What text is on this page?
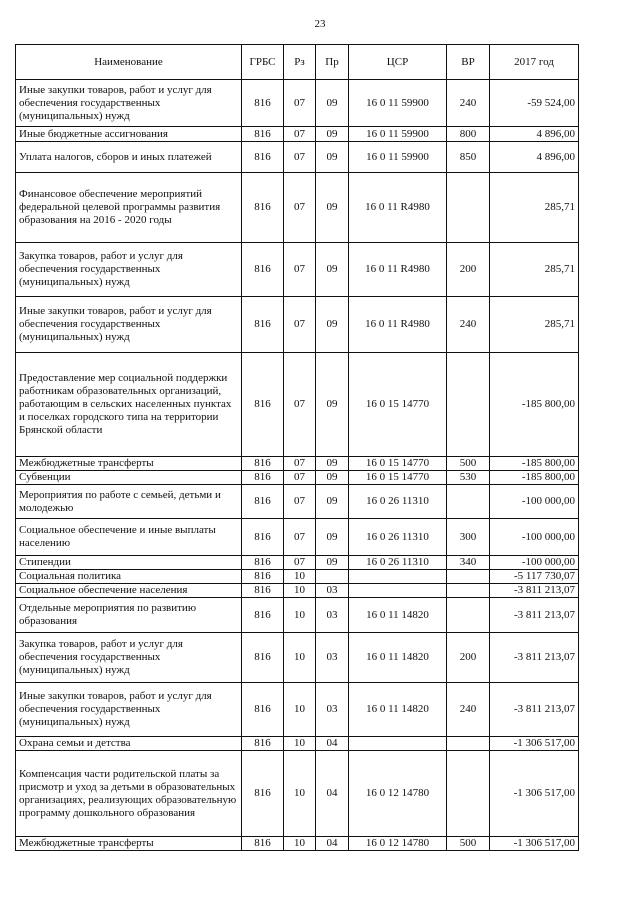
23
Наименование	ГРБС	Рз	Пр	ЦСР	ВР	2017 год
Иные закупки товаров, работ и услуг для обеспечения государственных (муниципальных) нужд	816	07	09	16 0 11 59900	240	-59 524,00
Иные бюджетные ассигнования	816	07	09	16 0 11 59900	800	4 896,00
Уплата налогов, сборов и иных платежей	816	07	09	16 0 11 59900	850	4 896,00
Финансовое обеспечение мероприятий федеральной целевой программы развития образования на 2016 - 2020 годы	816	07	09	16 0 11 R4980		285,71
Закупка товаров, работ и услуг для обеспечения государственных (муниципальных) нужд	816	07	09	16 0 11 R4980	200	285,71
Иные закупки товаров, работ и услуг для обеспечения государственных (муниципальных) нужд	816	07	09	16 0 11 R4980	240	285,71
Предоставление мер социальной поддержки работникам образовательных организаций, работающим в сельских населенных пунктах и поселках городского типа на территории Брянской области	816	07	09	16 0 15 14770		-185 800,00
Межбюджетные трансферты	816	07	09	16 0 15 14770	500	-185 800,00
Субвенции	816	07	09	16 0 15 14770	530	-185 800,00
Мероприятия по работе с семьей, детьми и молодежью	816	07	09	16 0 26 11310		-100 000,00
Социальное обеспечение и иные выплаты населению	816	07	09	16 0 26 11310	300	-100 000,00
Стипендии	816	07	09	16 0 26 11310	340	-100 000,00
Социальная политика	816	10				-5 117 730,07
Социальное обеспечение населения	816	10	03			-3 811 213,07
Отдельные мероприятия по развитию образования	816	10	03	16 0 11 14820		-3 811 213,07
Закупка товаров, работ и услуг для обеспечения государственных (муниципальных) нужд	816	10	03	16 0 11 14820	200	-3 811 213,07
Иные закупки товаров, работ и услуг для обеспечения государственных (муниципальных) нужд	816	10	03	16 0 11 14820	240	-3 811 213,07
Охрана семьи и детства	816	10	04			-1 306 517,00
Компенсация части родительской платы за присмотр и уход за детьми в образовательных организациях, реализующих образовательную программу дошкольного образования	816	10	04	16 0 12 14780		-1 306 517,00
Межбюджетные трансферты	816	10	04	16 0 12 14780	500	-1 306 517,00
